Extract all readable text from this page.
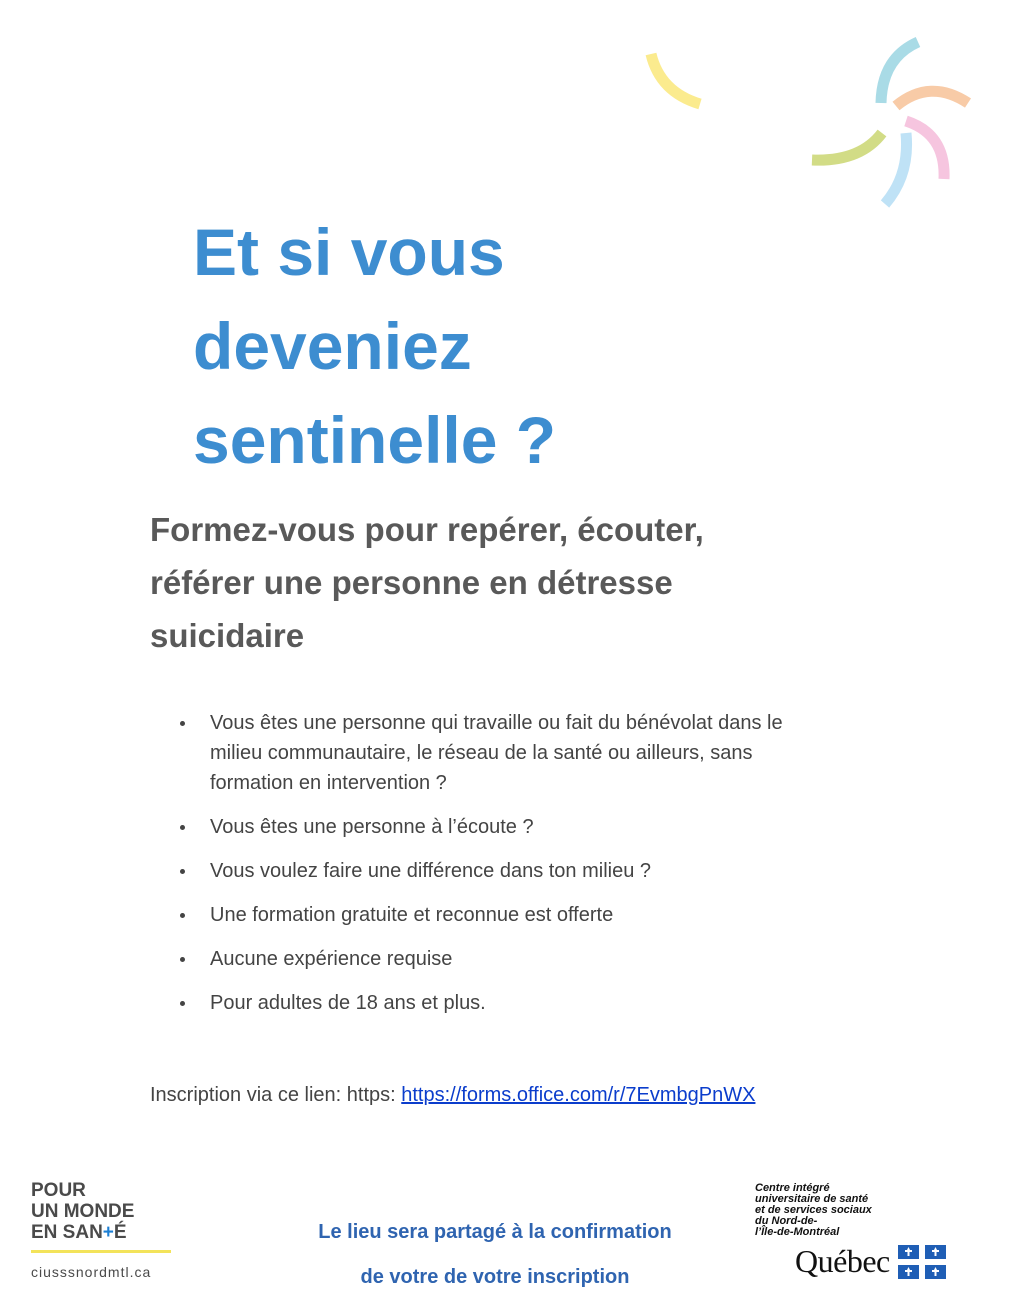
Et si vous
deveniez
sentinelle ?

Formez-vous pour repérer, écouter, référer une personne en détresse suicidaire

Vous êtes une personne qui travaille ou fait du bénévolat dans le milieu communautaire, le réseau de la santé ou ailleurs, sans formation en intervention ?
Vous êtes une personne à l’écoute ?
Vous voulez faire une différence dans ton milieu ?
Une formation gratuite et reconnue est offerte
Aucune expérience requise
Pour adultes de 18 ans et plus.
Inscription via ce lien: https: https://forms.office.com/r/7EvmbgPnWX
POUR
UN MONDE
EN SAN+É
ciusssnordmtl.ca
Le lieu sera partagé à la confirmation
de votre de votre inscription
Centre intégré
universitaire de santé
et de services sociaux
du Nord-de-
l’Île-de-Montréal
Québec
